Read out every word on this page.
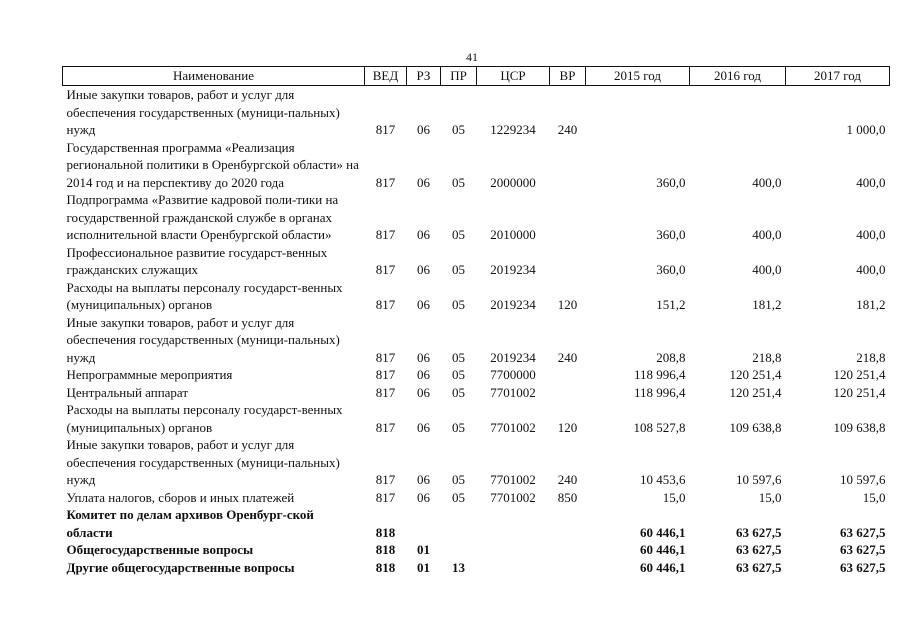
41
Наименование	ВЕД	РЗ	ПР	ЦСР	ВР	2015 год	2016 год	2017 год
Иные закупки товаров, работ и услуг для обеспечения государственных (муници-пальных) нужд	817	06	05	1229234	240			1 000,0
Государственная программа «Реализация региональной политики в Оренбургской области» на 2014 год и на перспективу до 2020 года	817	06	05	2000000		360,0	400,0	400,0
Подпрограмма «Развитие кадровой поли-тики на государственной гражданской службе в органах исполнительной власти Оренбургской области»	817	06	05	2010000		360,0	400,0	400,0
Профессиональное развитие государст-венных гражданских служащих	817	06	05	2019234		360,0	400,0	400,0
Расходы на выплаты персоналу государст-венных (муниципальных) органов	817	06	05	2019234	120	151,2	181,2	181,2
Иные закупки товаров, работ и услуг для обеспечения государственных (муници-пальных) нужд	817	06	05	2019234	240	208,8	218,8	218,8
Непрограммные мероприятия	817	06	05	7700000		118 996,4	120 251,4	120 251,4
Центральный аппарат	817	06	05	7701002		118 996,4	120 251,4	120 251,4
Расходы на выплаты персоналу государст-венных (муниципальных) органов	817	06	05	7701002	120	108 527,8	109 638,8	109 638,8
Иные закупки товаров, работ и услуг для обеспечения государственных (муници-пальных) нужд	817	06	05	7701002	240	10 453,6	10 597,6	10 597,6
Уплата налогов, сборов и иных платежей	817	06	05	7701002	850	15,0	15,0	15,0
Комитет по делам архивов Оренбург-ской области	818					60 446,1	63 627,5	63 627,5
Общегосударственные вопросы	818	01				60 446,1	63 627,5	63 627,5
Другие общегосударственные вопросы	818	01	13			60 446,1	63 627,5	63 627,5
